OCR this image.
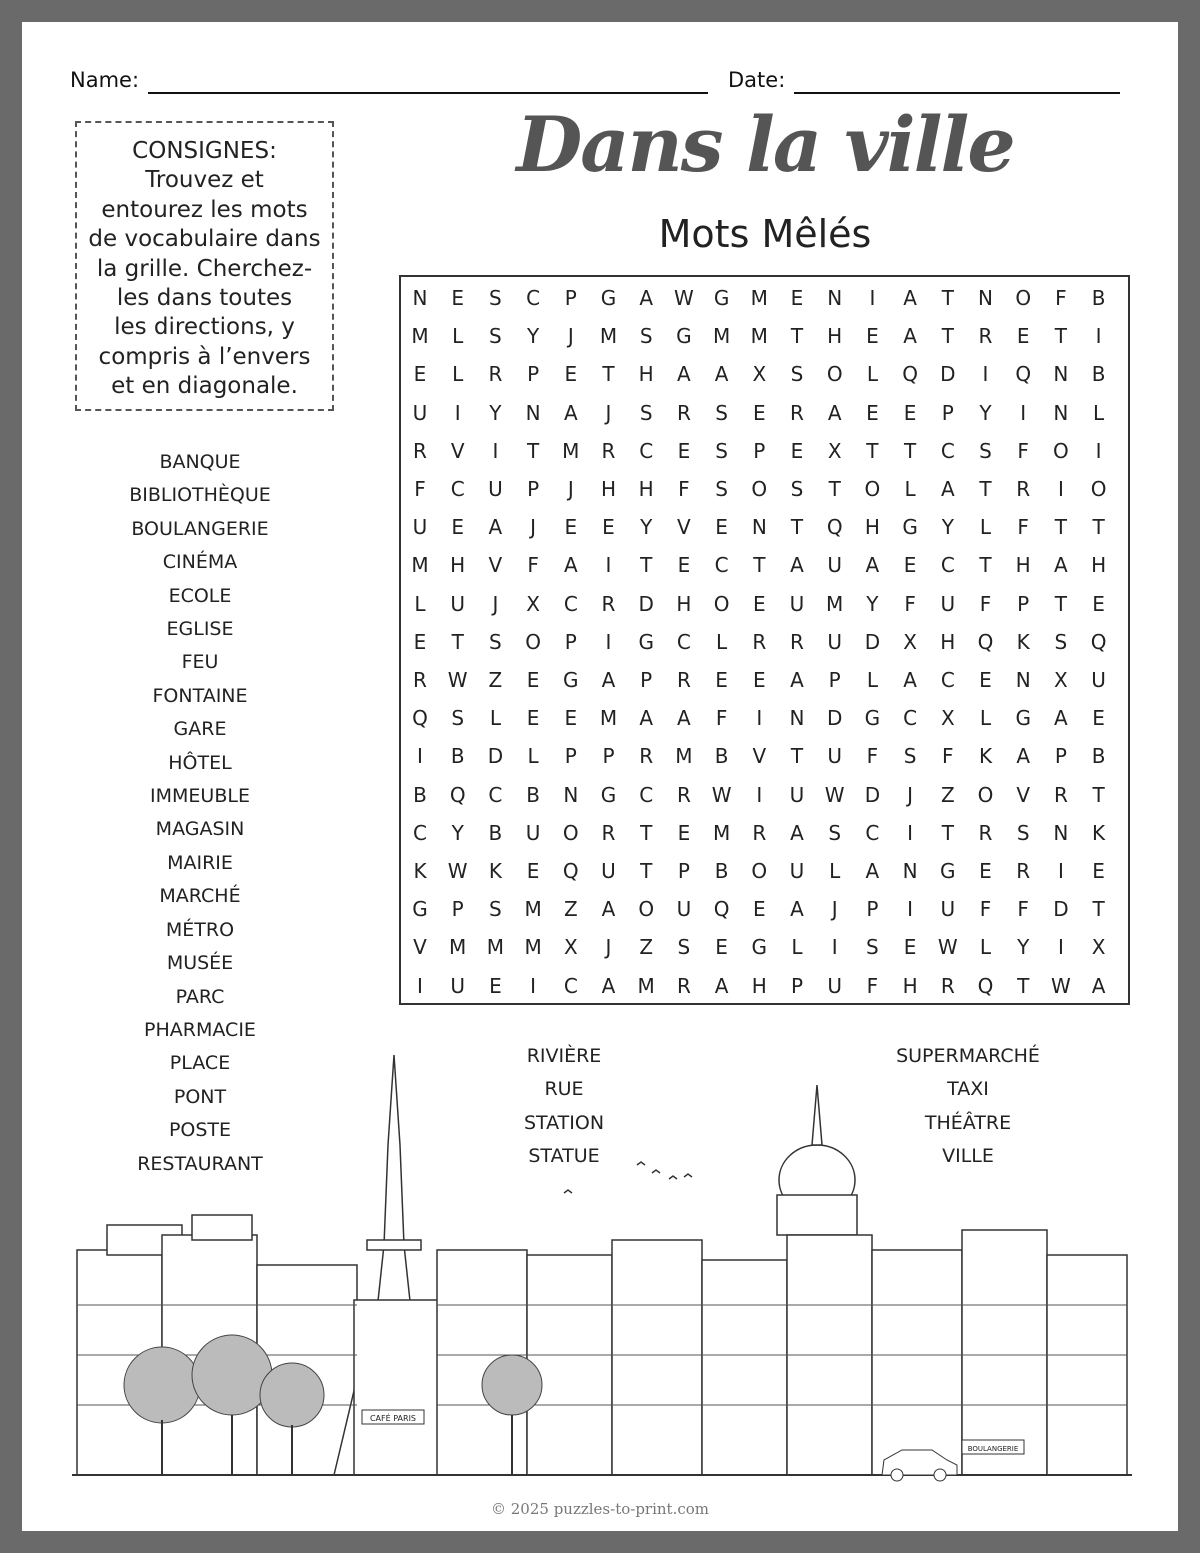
Name:	Date:
CONSIGNES:
Trouvez et
entourez les mots
de vocabulaire dans
la grille. Cherchez-
les dans toutes
les directions, y
compris à l’envers
et en diagonale.
Dans la ville
Mots Mêlés
N	E	S	C	P	G	A	W	G	M	E	N	I	A	T	N	O	F	B
M	L	S	Y	J	M	S	G	M	M	T	H	E	A	T	R	E	T	I
E	L	R	P	E	T	H	A	A	X	S	O	L	Q	D	I	Q	N	B
U	I	Y	N	A	J	S	R	S	E	R	A	E	E	P	Y	I	N	L
R	V	I	T	M	R	C	E	S	P	E	X	T	T	C	S	F	O	I
F	C	U	P	J	H	H	F	S	O	S	T	O	L	A	T	R	I	O
U	E	A	J	E	E	Y	V	E	N	T	Q	H	G	Y	L	F	T	T
M	H	V	F	A	I	T	E	C	T	A	U	A	E	C	T	H	A	H
L	U	J	X	C	R	D	H	O	E	U	M	Y	F	U	F	P	T	E
E	T	S	O	P	I	G	C	L	R	R	U	D	X	H	Q	K	S	Q
R	W	Z	E	G	A	P	R	E	E	A	P	L	A	C	E	N	X	U
Q	S	L	E	E	M	A	A	F	I	N	D	G	C	X	L	G	A	E
I	B	D	L	P	P	R	M	B	V	T	U	F	S	F	K	A	P	B
B	Q	C	B	N	G	C	R	W	I	U	W	D	J	Z	O	V	R	T
C	Y	B	U	O	R	T	E	M	R	A	S	C	I	T	R	S	N	K
K	W	K	E	Q	U	T	P	B	O	U	L	A	N	G	E	R	I	E
G	P	S	M	Z	A	O	U	Q	E	A	J	P	I	U	F	F	D	T
V	M	M	M	X	J	Z	S	E	G	L	I	S	E	W	L	Y	I	X
I	U	E	I	C	A	M	R	A	H	P	U	F	H	R	Q	T	W	A
BANQUE
BIBLIOTHÈQUE
BOULANGERIE
CINÉMA
ECOLE
EGLISE
FEU
FONTAINE
GARE
HÔTEL
IMMEUBLE
MAGASIN
MAIRIE
MARCHÉ
MÉTRO
MUSÉE
PARC
PHARMACIE
PLACE
PONT
POSTE
RESTAURANT
RIVIÈRE
RUE
STATION
STATUE
SUPERMARCHÉ
TAXI
THÉÂTRE
VILLE
CAFÉ PARIS
BOULANGERIE
© 2025 puzzles-to-print.com
